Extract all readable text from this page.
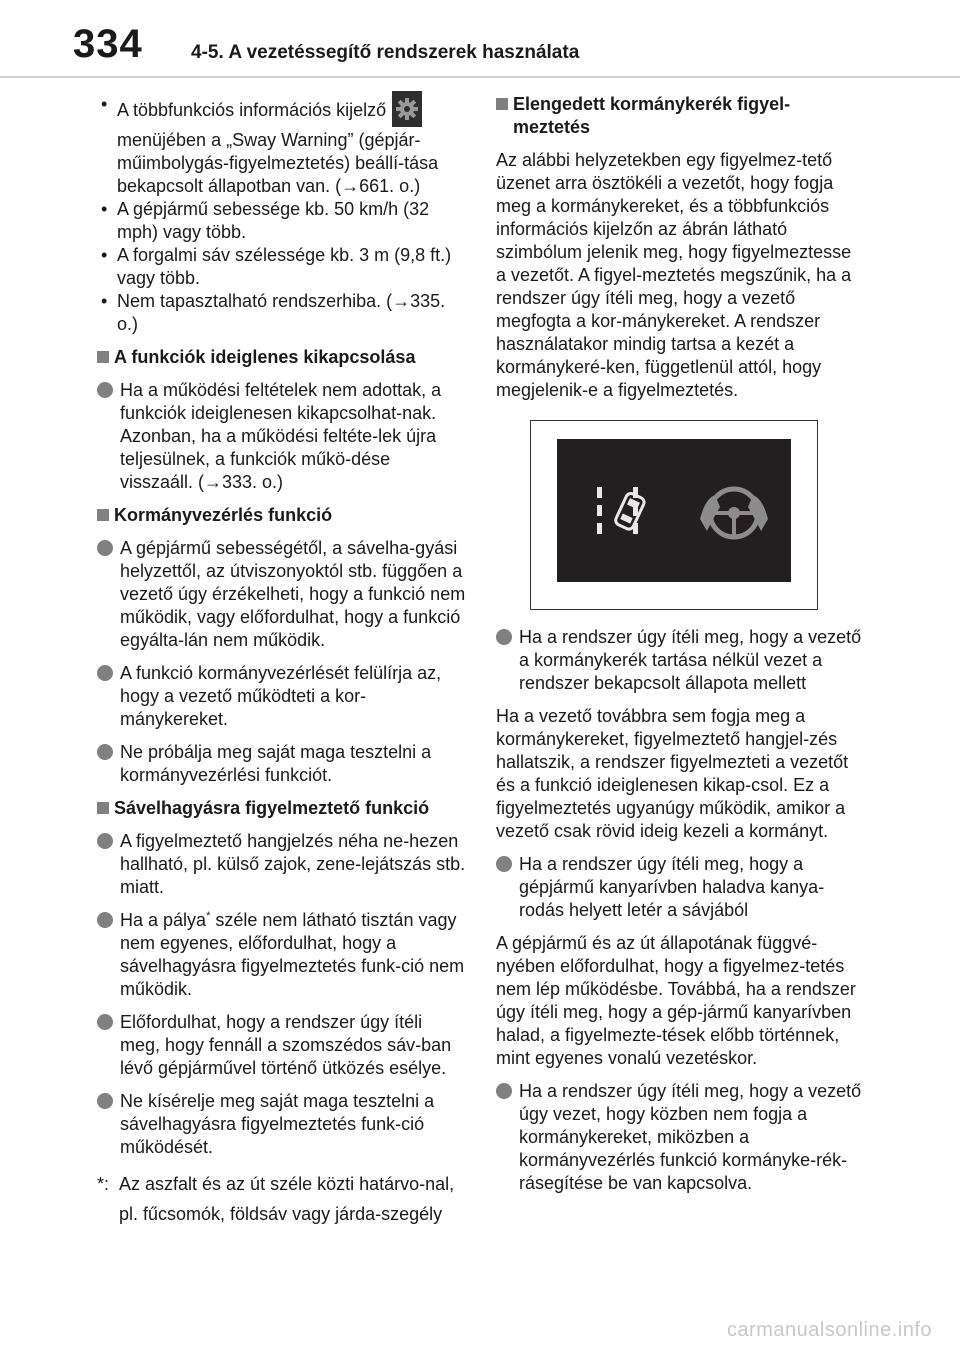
334	4-5. A vezetéssegítő rendszerek használata

• A többfunkciós információs kijelző

menüjében a „Sway Warning” (gépjár-műimbolygás-figyelmeztetés) beállí-tása bekapcsolt állapotban van. (→661. o.)

• A gépjármű sebessége kb. 50 km/h (32 mph) vagy több.

• A forgalmi sáv szélessége kb. 3 m (9,8 ft.) vagy több.

• Nem tapasztalható rendszerhiba. (→335. o.)

A funkciók ideiglenes kikapcsolása

Ha a működési feltételek nem adottak, a funkciók ideiglenesen kikapcsolhat-nak. Azonban, ha a működési feltéte-lek újra teljesülnek, a funkciók műkö-dése visszaáll. (→333. o.)

Kormányvezérlés funkció

A gépjármű sebességétől, a sávelha-gyási helyzettől, az útviszonyoktól stb. függően a vezető úgy érzékelheti, hogy a funkció nem működik, vagy előfordulhat, hogy a funkció egyálta-lán nem működik.

A funkció kormányvezérlését felülírja az, hogy a vezető működteti a kor-mánykereket.

Ne próbálja meg saját maga tesztelni a kormányvezérlési funkciót.

Sávelhagyásra figyelmeztető funkció

A figyelmeztető hangjelzés néha ne-hezen hallható, pl. külső zajok, zene-lejátszás stb. miatt.

Ha a pálya* széle nem látható tisztán vagy nem egyenes, előfordulhat, hogy a sávelhagyásra figyelmeztetés funk-ció nem működik.

Előfordulhat, hogy a rendszer úgy ítéli meg, hogy fennáll a szomszédos sáv-ban lévő gépjárművel történő ütközés esélye.

Ne kísérelje meg saját maga tesztelni a sávelhagyásra figyelmeztetés funk-ció működését.

*: Az aszfalt és az út széle közti határvo-nal, pl. fűcsomók, földsáv vagy járda-szegély

Elengedett kormánykerék figyel-meztetés

Az alábbi helyzetekben egy figyelmez-tető üzenet arra ösztökéli a vezetőt, hogy fogja meg a kormánykereket, és a többfunkciós információs kijelzőn az ábrán látható szimbólum jelenik meg, hogy figyelmeztesse a vezetőt. A figyel-meztetés megszűnik, ha a rendszer úgy ítéli meg, hogy a vezető megfogta a kor-mánykereket. A rendszer használatakor mindig tartsa a kezét a kormánykeré-ken, függetlenül attól, hogy megjelenik-e a figyelmeztetés.

Ha a rendszer úgy ítéli meg, hogy a vezető a kormánykerék tartása nélkül vezet a rendszer bekapcsolt állapota mellett

Ha a vezető továbbra sem fogja meg a kormánykereket, figyelmeztető hangjel-zés hallatszik, a rendszer figyelmezteti a vezetőt és a funkció ideiglenesen kikap-csol. Ez a figyelmeztetés ugyanúgy működik, amikor a vezető csak rövid ideig kezeli a kormányt.

Ha a rendszer úgy ítéli meg, hogy a gépjármű kanyarívben haladva kanya-rodás helyett letér a sávjából

A gépjármű és az út állapotának függvé-nyében előfordulhat, hogy a figyelmez-tetés nem lép működésbe. Továbbá, ha a rendszer úgy ítéli meg, hogy a gép-jármű kanyarívben halad, a figyelmezte-tések előbb történnek, mint egyenes vonalú vezetéskor.

Ha a rendszer úgy ítéli meg, hogy a vezető úgy vezet, hogy közben nem fogja a kormánykereket, miközben a kormányvezérlés funkció kormányke-rék-rásegítése be van kapcsolva.

carmanualsonline.info
